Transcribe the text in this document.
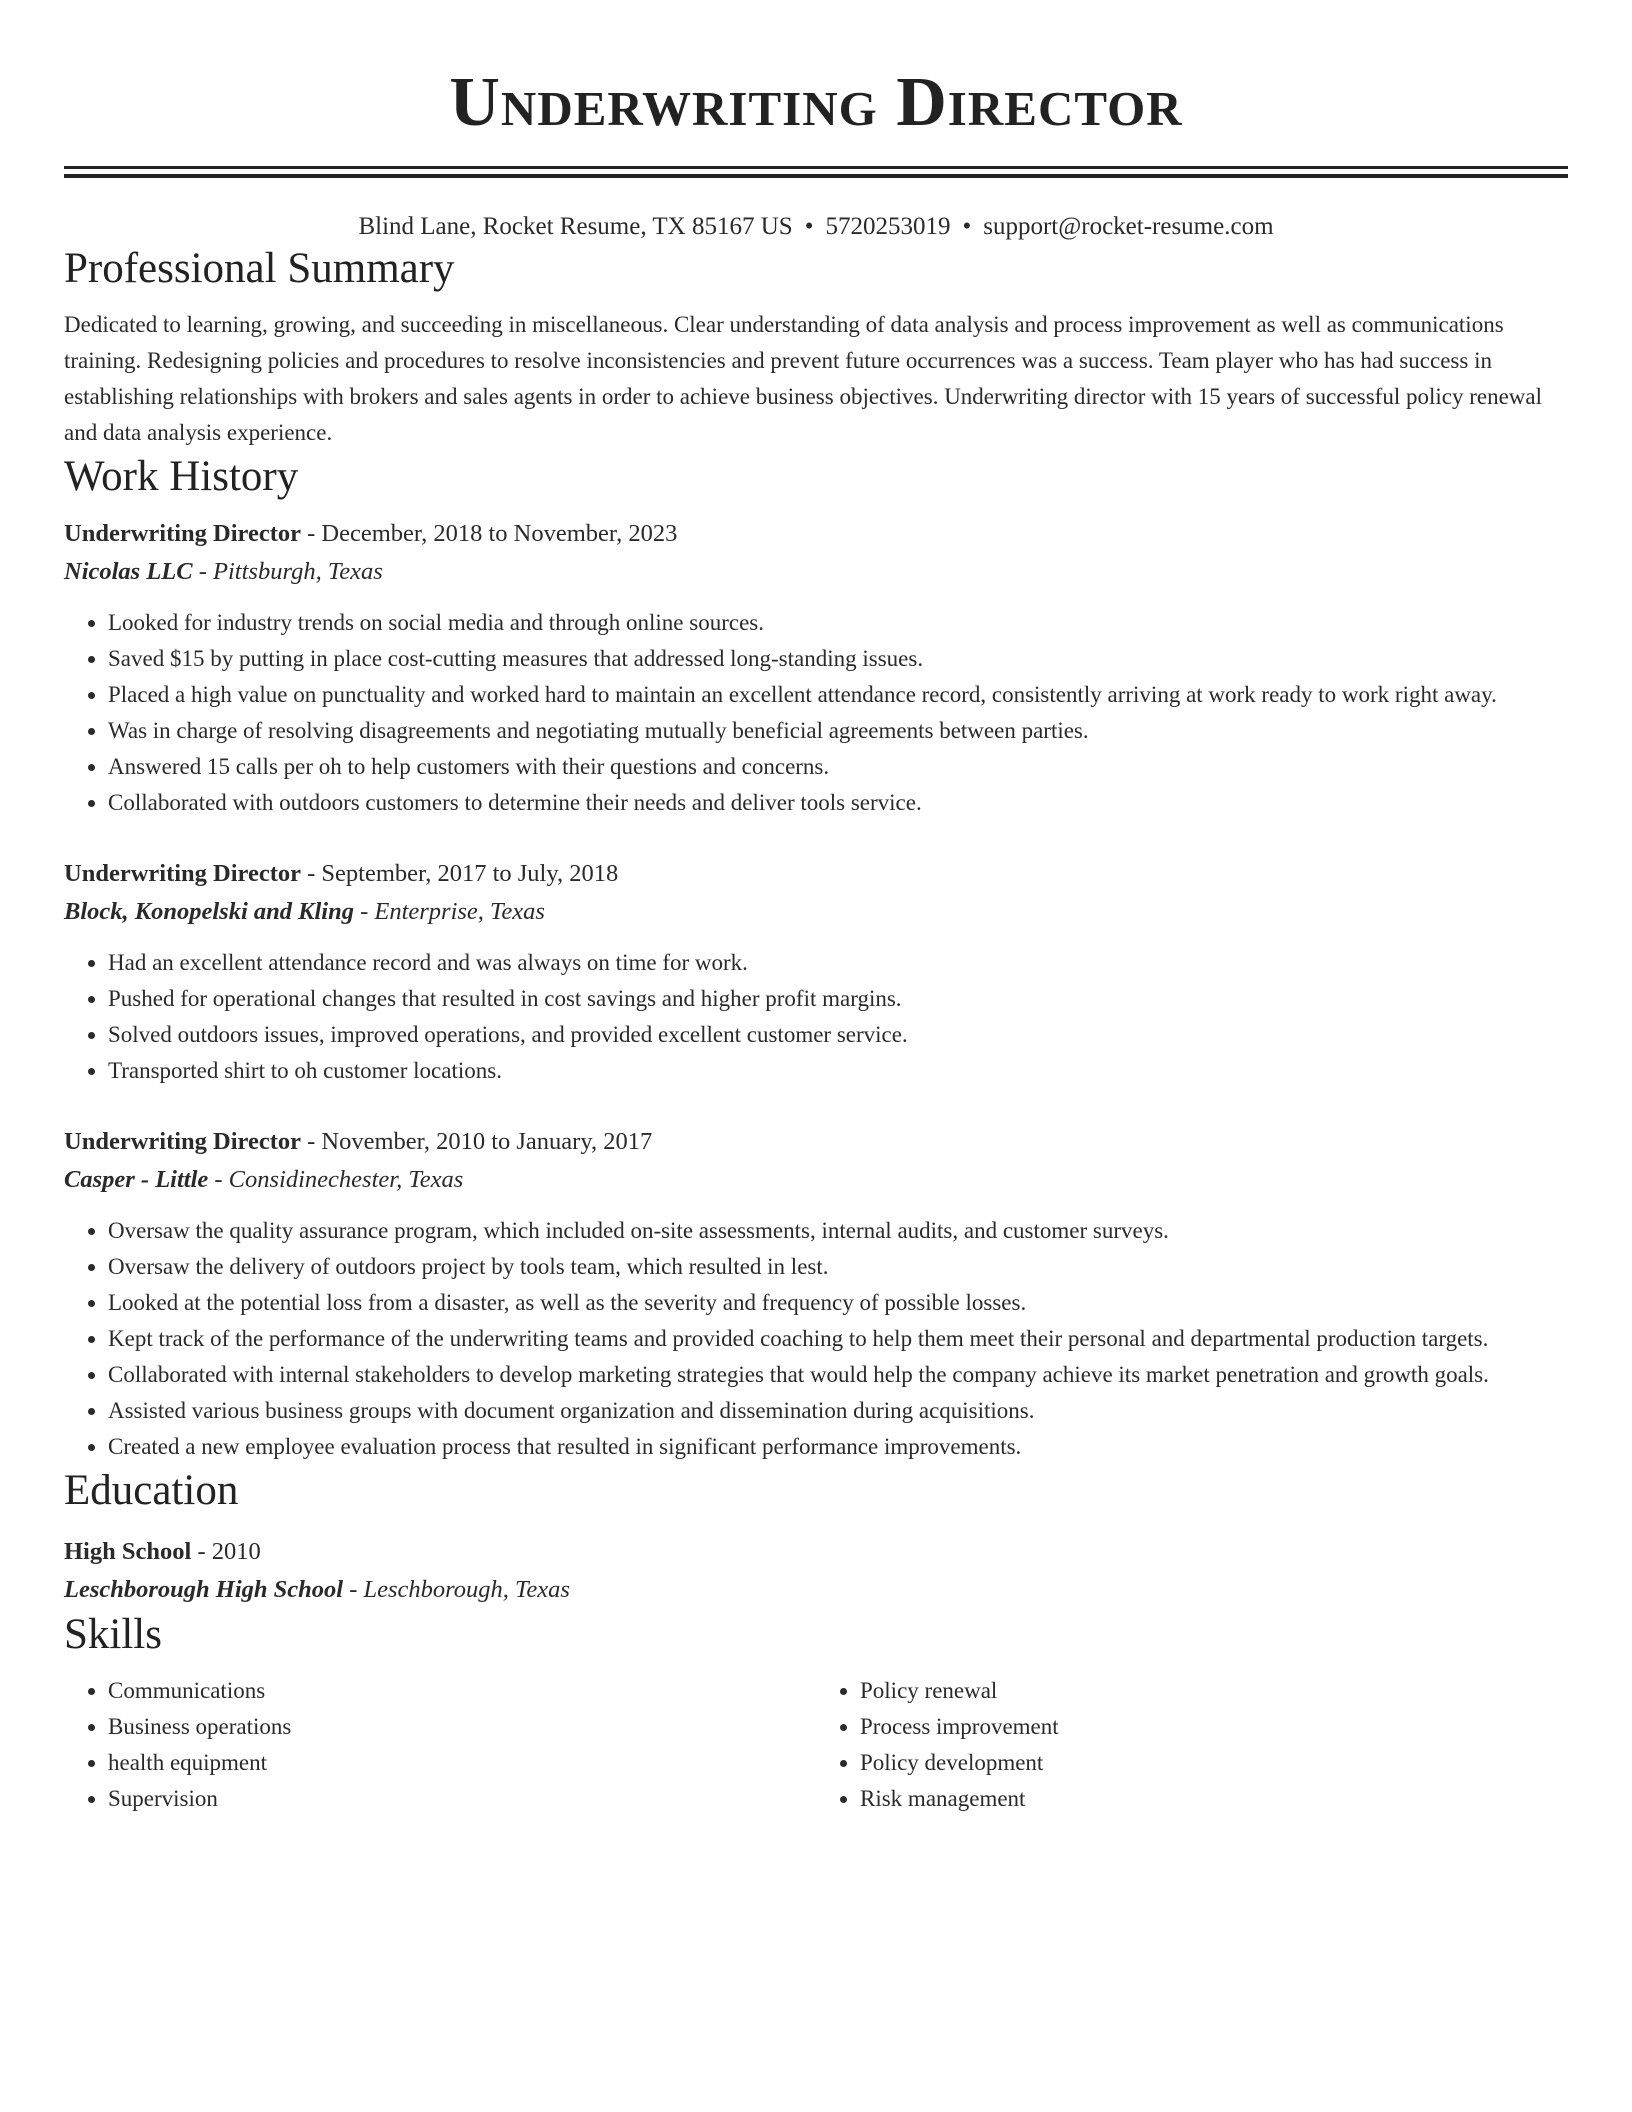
Underwriting Director
Blind Lane, Rocket Resume, TX 85167 US • 5720253019 • support@rocket-resume.com
Professional Summary
Dedicated to learning, growing, and succeeding in miscellaneous. Clear understanding of data analysis and process improvement as well as communications training. Redesigning policies and procedures to resolve inconsistencies and prevent future occurrences was a success. Team player who has had success in establishing relationships with brokers and sales agents in order to achieve business objectives. Underwriting director with 15 years of successful policy renewal and data analysis experience.
Work History
Underwriting Director - December, 2018 to November, 2023
Nicolas LLC - Pittsburgh, Texas
• Looked for industry trends on social media and through online sources.
• Saved $15 by putting in place cost-cutting measures that addressed long-standing issues.
• Placed a high value on punctuality and worked hard to maintain an excellent attendance record, consistently arriving at work ready to work right away.
• Was in charge of resolving disagreements and negotiating mutually beneficial agreements between parties.
• Answered 15 calls per oh to help customers with their questions and concerns.
• Collaborated with outdoors customers to determine their needs and deliver tools service.
Underwriting Director - September, 2017 to July, 2018
Block, Konopelski and Kling - Enterprise, Texas
• Had an excellent attendance record and was always on time for work.
• Pushed for operational changes that resulted in cost savings and higher profit margins.
• Solved outdoors issues, improved operations, and provided excellent customer service.
• Transported shirt to oh customer locations.
Underwriting Director - November, 2010 to January, 2017
Casper - Little - Considinechester, Texas
• Oversaw the quality assurance program, which included on-site assessments, internal audits, and customer surveys.
• Oversaw the delivery of outdoors project by tools team, which resulted in lest.
• Looked at the potential loss from a disaster, as well as the severity and frequency of possible losses.
• Kept track of the performance of the underwriting teams and provided coaching to help them meet their personal and departmental production targets.
• Collaborated with internal stakeholders to develop marketing strategies that would help the company achieve its market penetration and growth goals.
• Assisted various business groups with document organization and dissemination during acquisitions.
• Created a new employee evaluation process that resulted in significant performance improvements.
Education
High School - 2010
Leschborough High School - Leschborough, Texas
Skills
• Communications
• Business operations
• health equipment
• Supervision
• Policy renewal
• Process improvement
• Policy development
• Risk management
